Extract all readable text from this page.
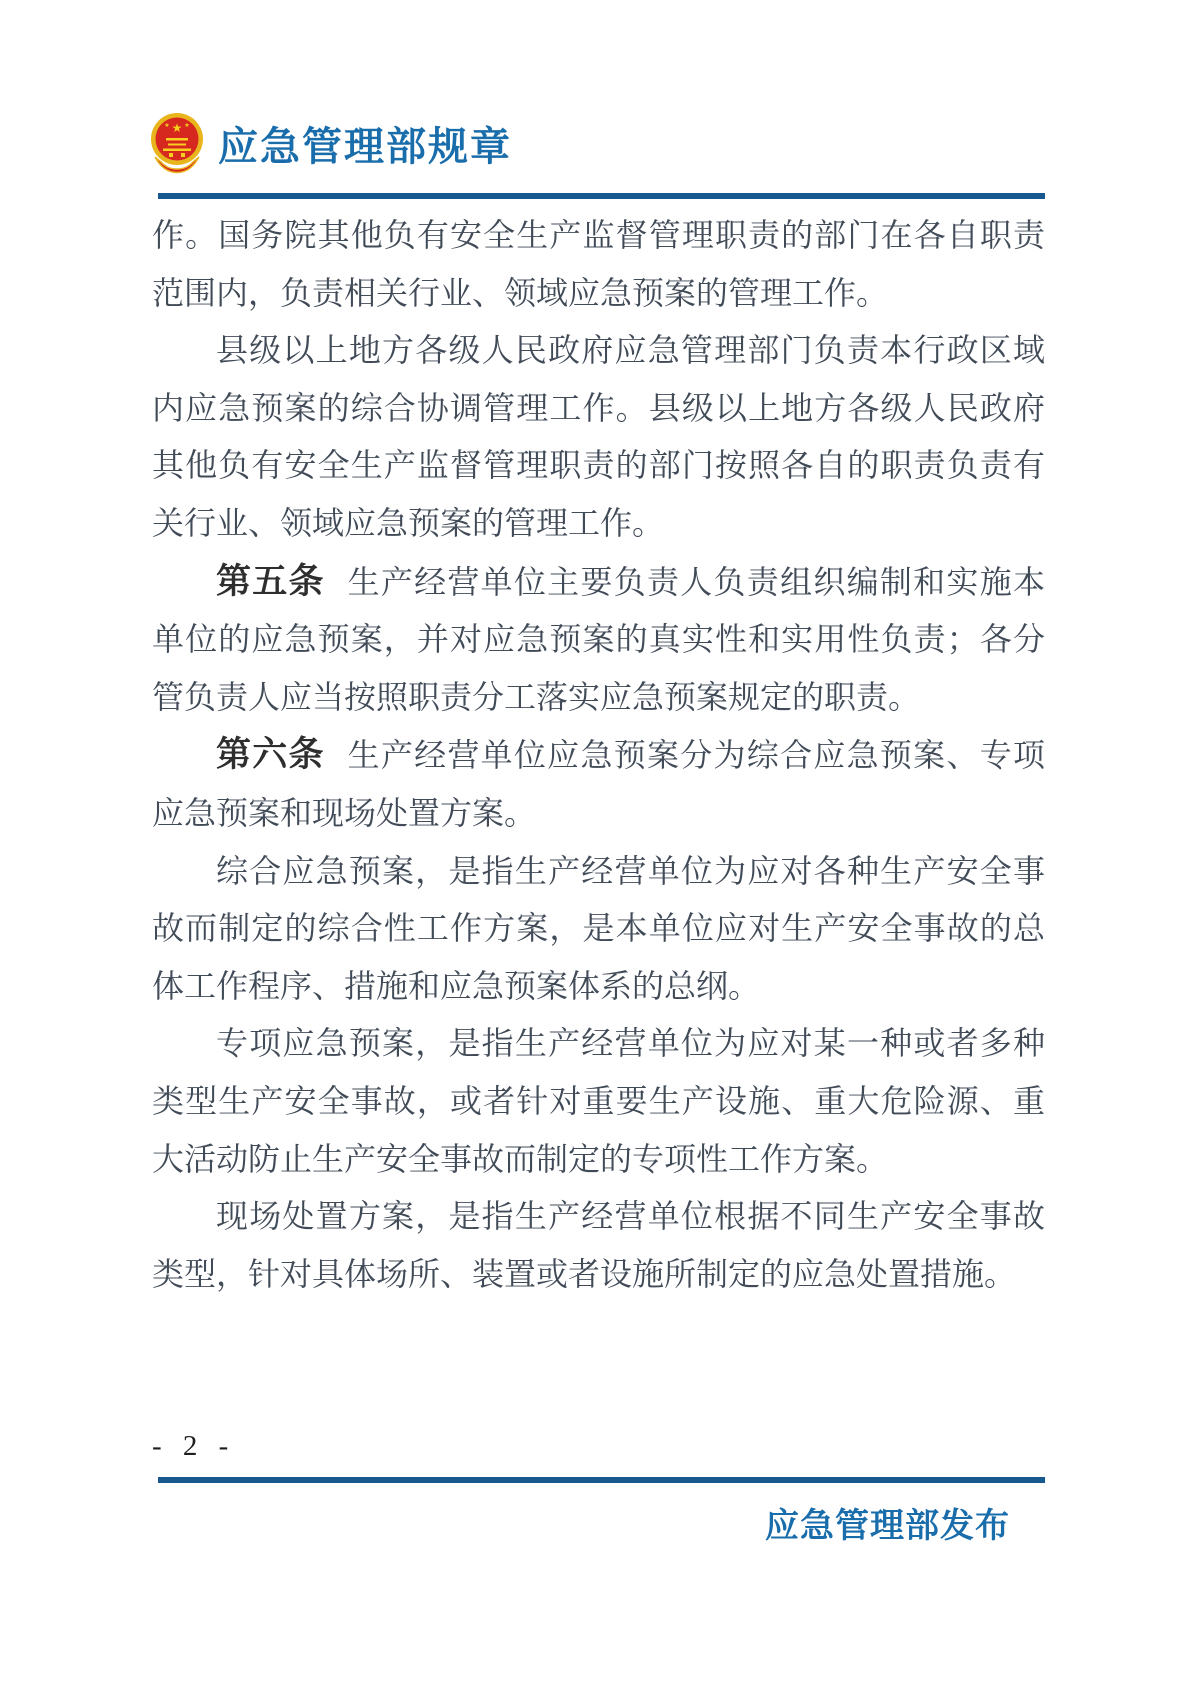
★
★ ★ 应急管理部规章

作。国务院其他负有安全生产监督管理职责的部门在各自职责范围内，负责相关行业、领域应急预案的管理工作。

县级以上地方各级人民政府应急管理部门负责本行政区域内应急预案的综合协调管理工作。县级以上地方各级人民政府其他负有安全生产监督管理职责的部门按照各自的职责负责有关行业、领域应急预案的管理工作。

第五条 生产经营单位主要负责人负责组织编制和实施本单位的应急预案，并对应急预案的真实性和实用性负责；各分管负责人应当按照职责分工落实应急预案规定的职责。

第六条 生产经营单位应急预案分为综合应急预案、专项应急预案和现场处置方案。

综合应急预案，是指生产经营单位为应对各种生产安全事故而制定的综合性工作方案，是本单位应对生产安全事故的总体工作程序、措施和应急预案体系的总纲。

专项应急预案，是指生产经营单位为应对某一种或者多种类型生产安全事故，或者针对重要生产设施、重大危险源、重大活动防止生产安全事故而制定的专项性工作方案。

现场处置方案，是指生产经营单位根据不同生产安全事故类型，针对具体场所、装置或者设施所制定的应急处置措施。

- 2 -
应急管理部发布
